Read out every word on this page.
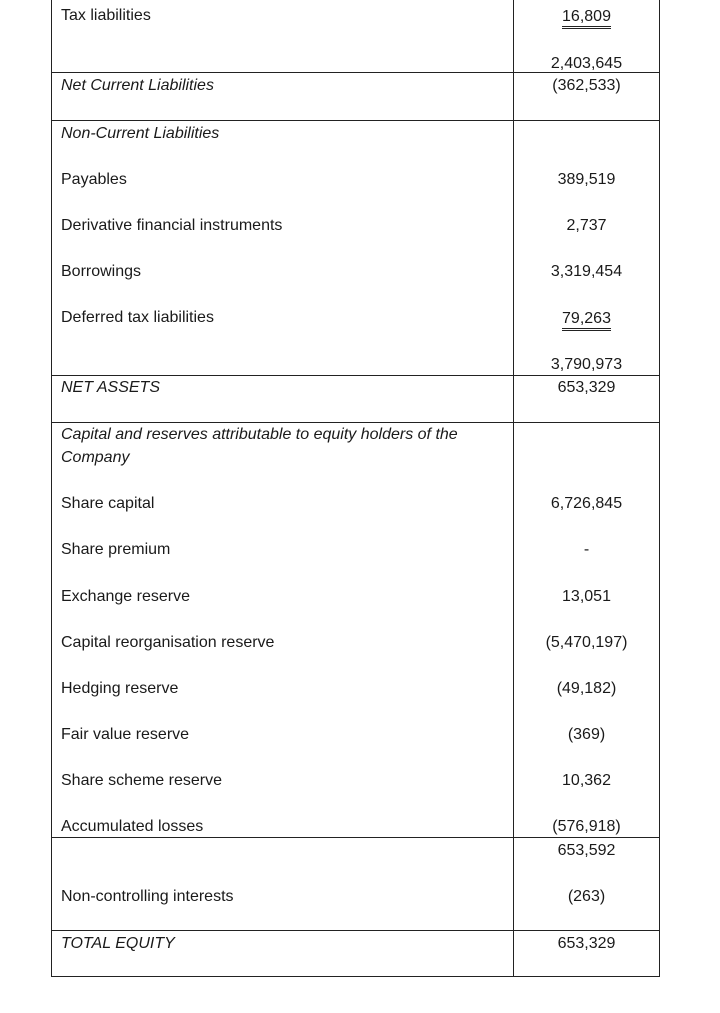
Tax liabilities	16,809
2,403,645
Net Current Liabilities	(362,533)
Non-Current Liabilities
Payables	389,519
Derivative financial instruments	2,737
Borrowings	3,319,454
Deferred tax liabilities	79,263
3,790,973
NET ASSETS	653,329
Capital and reserves attributable to equity holders of the Company
Share capital	6,726,845
Share premium	-
Exchange reserve	13,051
Capital reorganisation reserve	(5,470,197)
Hedging reserve	(49,182)
Fair value reserve	(369)
Share scheme reserve	10,362
Accumulated losses	(576,918)
653,592
Non-controlling interests	(263)
TOTAL EQUITY	653,329
